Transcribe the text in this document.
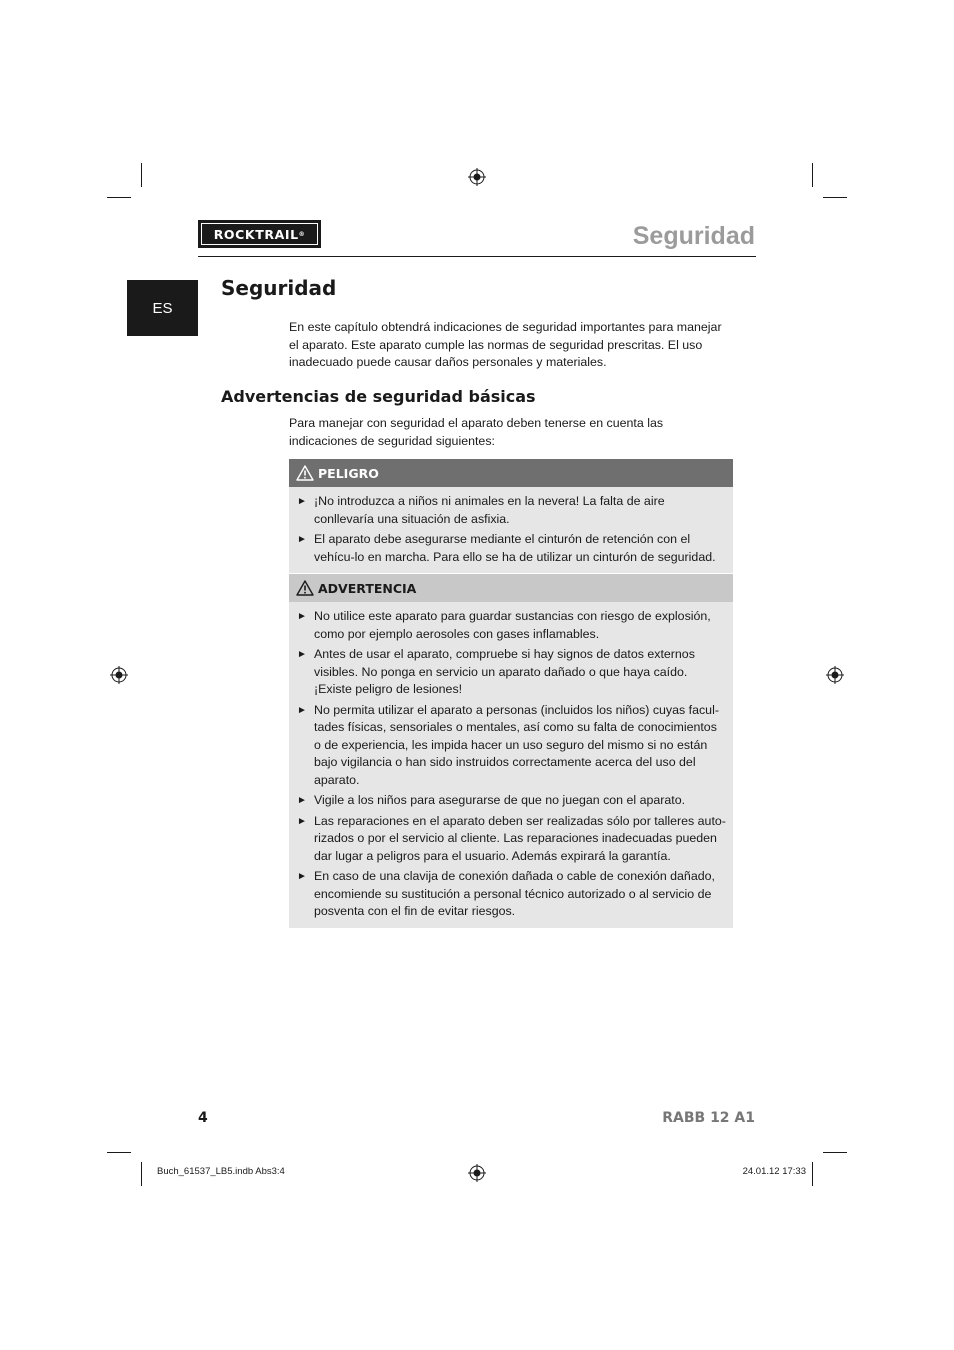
ROCKTRAIL ®	Seguridad
ES
Seguridad

En este capítulo obtendrá indicaciones de seguridad importantes para manejar el aparato. Este aparato cumple las normas de seguridad prescritas. El uso inadecuado puede causar daños personales y materiales.

Advertencias de seguridad básicas

Para manejar con seguridad el aparato deben tenerse en cuenta las indicaciones de seguridad siguientes:

PELIGRO
► ¡No introduzca a niños ni animales en la nevera! La falta de aire conllevaría una situación de asfixia.
► El aparato debe asegurarse mediante el cinturón de retención con el vehícu-lo en marcha. Para ello se ha de utilizar un cinturón de seguridad.
ADVERTENCIA
► No utilice este aparato para guardar sustancias con riesgo de explosión, como por ejemplo aerosoles con gases inflamables.
► Antes de usar el aparato, compruebe si hay signos de datos externos visibles. No ponga en servicio un aparato dañado o que haya caído. ¡Existe peligro de lesiones!
► No permita utilizar el aparato a personas (incluidos los niños) cuyas facul-tades físicas, sensoriales o mentales, así como su falta de conocimientos o de experiencia, les impida hacer un uso seguro del mismo si no están bajo vigilancia o han sido instruidos correctamente acerca del uso del aparato.
► Vigile a los niños para asegurarse de que no juegan con el aparato.
► Las reparaciones en el aparato deben ser realizadas sólo por talleres auto-rizados o por el servicio al cliente. Las reparaciones inadecuadas pueden dar lugar a peligros para el usuario. Además expirará la garantía.
► En caso de una clavija de conexión dañada o cable de conexión dañado, encomiende su sustitución a personal técnico autorizado o al servicio de posventa con el fin de evitar riesgos.
4	RABB 12 A1
Buch_61537_LB5.indb Abs3:4	24.01.12 17:33
